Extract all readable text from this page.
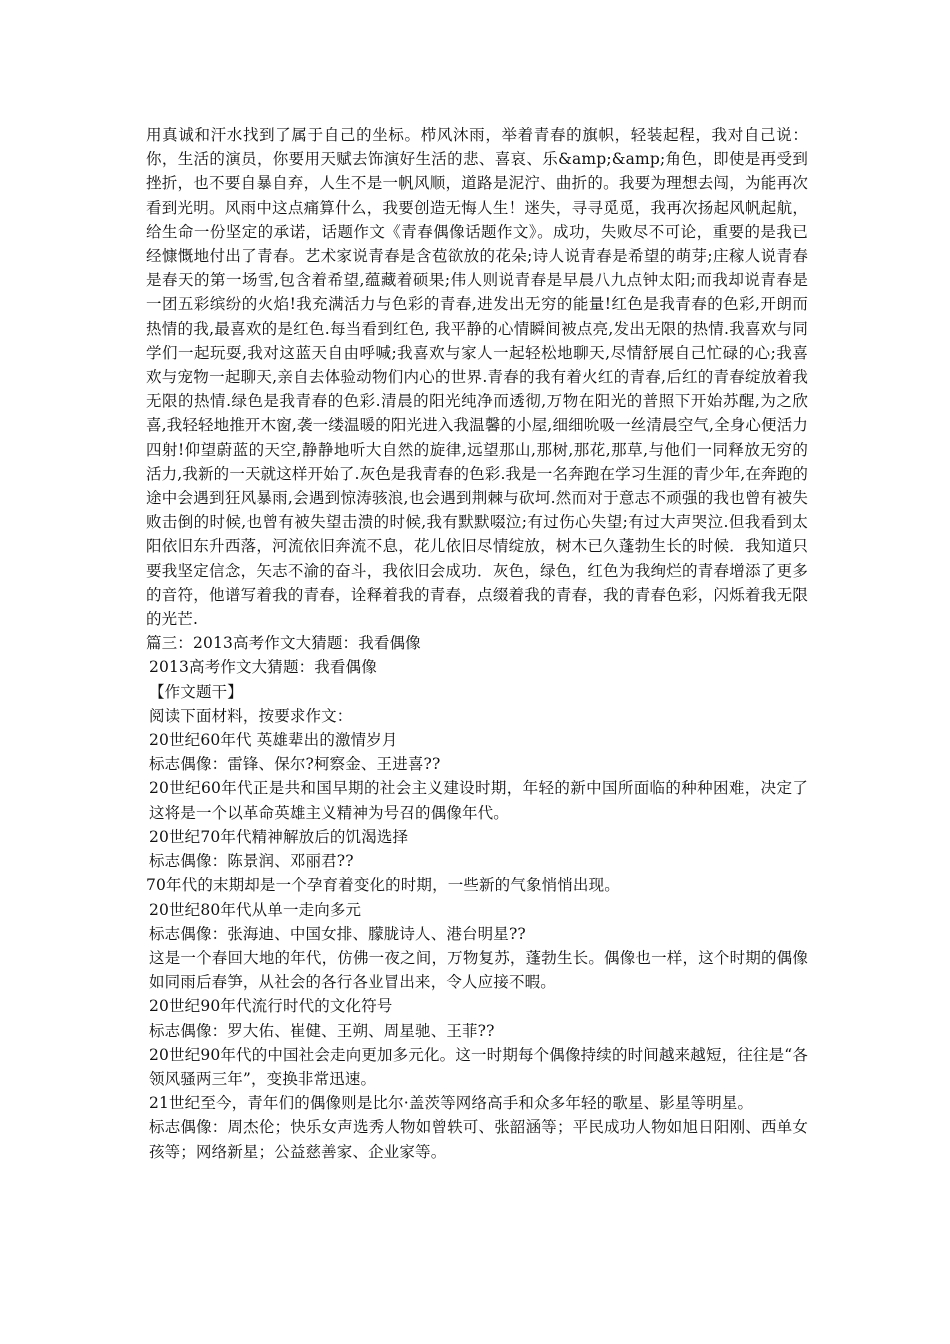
用真诚和汗水找到了属于自己的坐标。栉风沐雨，举着青春的旗帜，轻装起程，我对自己说：你，生活的演员，你要用天赋去饰演好生活的悲、喜哀、乐&amp;&amp;角色，即使是再受到挫折，也不要自暴自弃，人生不是一帆风顺，道路是泥泞、曲折的。我要为理想去闯，为能再次看到光明。风雨中这点痛算什么，我要创造无悔人生！迷失，寻寻觅觅，我再次扬起风帆起航，给生命一份坚定的承诺，话题作文《青春偶像话题作文》。成功，失败尽不可论，重要的是我已经慷慨地付出了青春。艺术家说青春是含苞欲放的花朵;诗人说青春是希望的萌芽;庄稼人说青春是春天的第一场雪,包含着希望,蕴藏着硕果;伟人则说青春是早晨八九点钟太阳;而我却说青春是一团五彩缤纷的火焰!我充满活力与色彩的青春,进发出无穷的能量!红色是我青春的色彩,开朗而热情的我,最喜欢的是红色.每当看到红色, 我平静的心情瞬间被点亮,发出无限的热情.我喜欢与同学们一起玩耍,我对这蓝天自由呼喊;我喜欢与家人一起轻松地聊天,尽情舒展自己忙碌的心;我喜欢与宠物一起聊天,亲自去体验动物们内心的世界.青春的我有着火红的青春,后红的青春绽放着我无限的热情.绿色是我青春的色彩.清晨的阳光纯净而透彻,万物在阳光的普照下开始苏醒,为之欣喜,我轻轻地推开木窗,袭一缕温暖的阳光进入我温馨的小屋,细细吮吸一丝清晨空气,全身心便活力四射!仰望蔚蓝的天空,静静地听大自然的旋律,远望那山,那树,那花,那草,与他们一同释放无穷的活力,我新的一天就这样开始了.灰色是我青春的色彩.我是一名奔跑在学习生涯的青少年,在奔跑的途中会遇到狂风暴雨,会遇到惊涛骇浪,也会遇到荆棘与砍坷.然而对于意志不顽强的我也曾有被失败击倒的时候,也曾有被失望击溃的时候,我有默默啜泣;有过伤心失望;有过大声哭泣.但我看到太阳依旧东升西落，河流依旧奔流不息，花儿依旧尽情绽放，树木已久蓬勃生长的时候．我知道只要我坚定信念，矢志不渝的奋斗，我依旧会成功．灰色，绿色，红色为我绚烂的青春增添了更多的音符，他谱写着我的青春，诠释着我的青春，点缀着我的青春，我的青春色彩，闪烁着我无限的光芒.

篇三：2013高考作文大猜题：我看偶像

2013高考作文大猜题：我看偶像

【作文题干】

阅读下面材料，按要求作文：

20世纪60年代 英雄辈出的激情岁月

标志偶像：雷锋、保尔?柯察金、王进喜??

20世纪60年代正是共和国早期的社会主义建设时期，年轻的新中国所面临的种种困难，决定了这将是一个以革命英雄主义精神为号召的偶像年代。

20世纪70年代精神解放后的饥渴选择

标志偶像：陈景润、邓丽君??

70年代的末期却是一个孕育着变化的时期，一些新的气象悄悄出现。

20世纪80年代从单一走向多元

标志偶像：张海迪、中国女排、朦胧诗人、港台明星??

这是一个春回大地的年代，仿佛一夜之间，万物复苏，蓬勃生长。偶像也一样，这个时期的偶像如同雨后春笋，从社会的各行各业冒出来，令人应接不暇。

20世纪90年代流行时代的文化符号

标志偶像：罗大佑、崔健、王朔、周星驰、王菲??

20世纪90年代的中国社会走向更加多元化。这一时期每个偶像持续的时间越来越短，往往是“各领风骚两三年”，变换非常迅速。

21世纪至今，青年们的偶像则是比尔·盖茨等网络高手和众多年轻的歌星、影星等明星。

标志偶像：周杰伦；快乐女声选秀人物如曾轶可、张韶涵等；平民成功人物如旭日阳刚、西单女孩等；网络新星；公益慈善家、企业家等。
